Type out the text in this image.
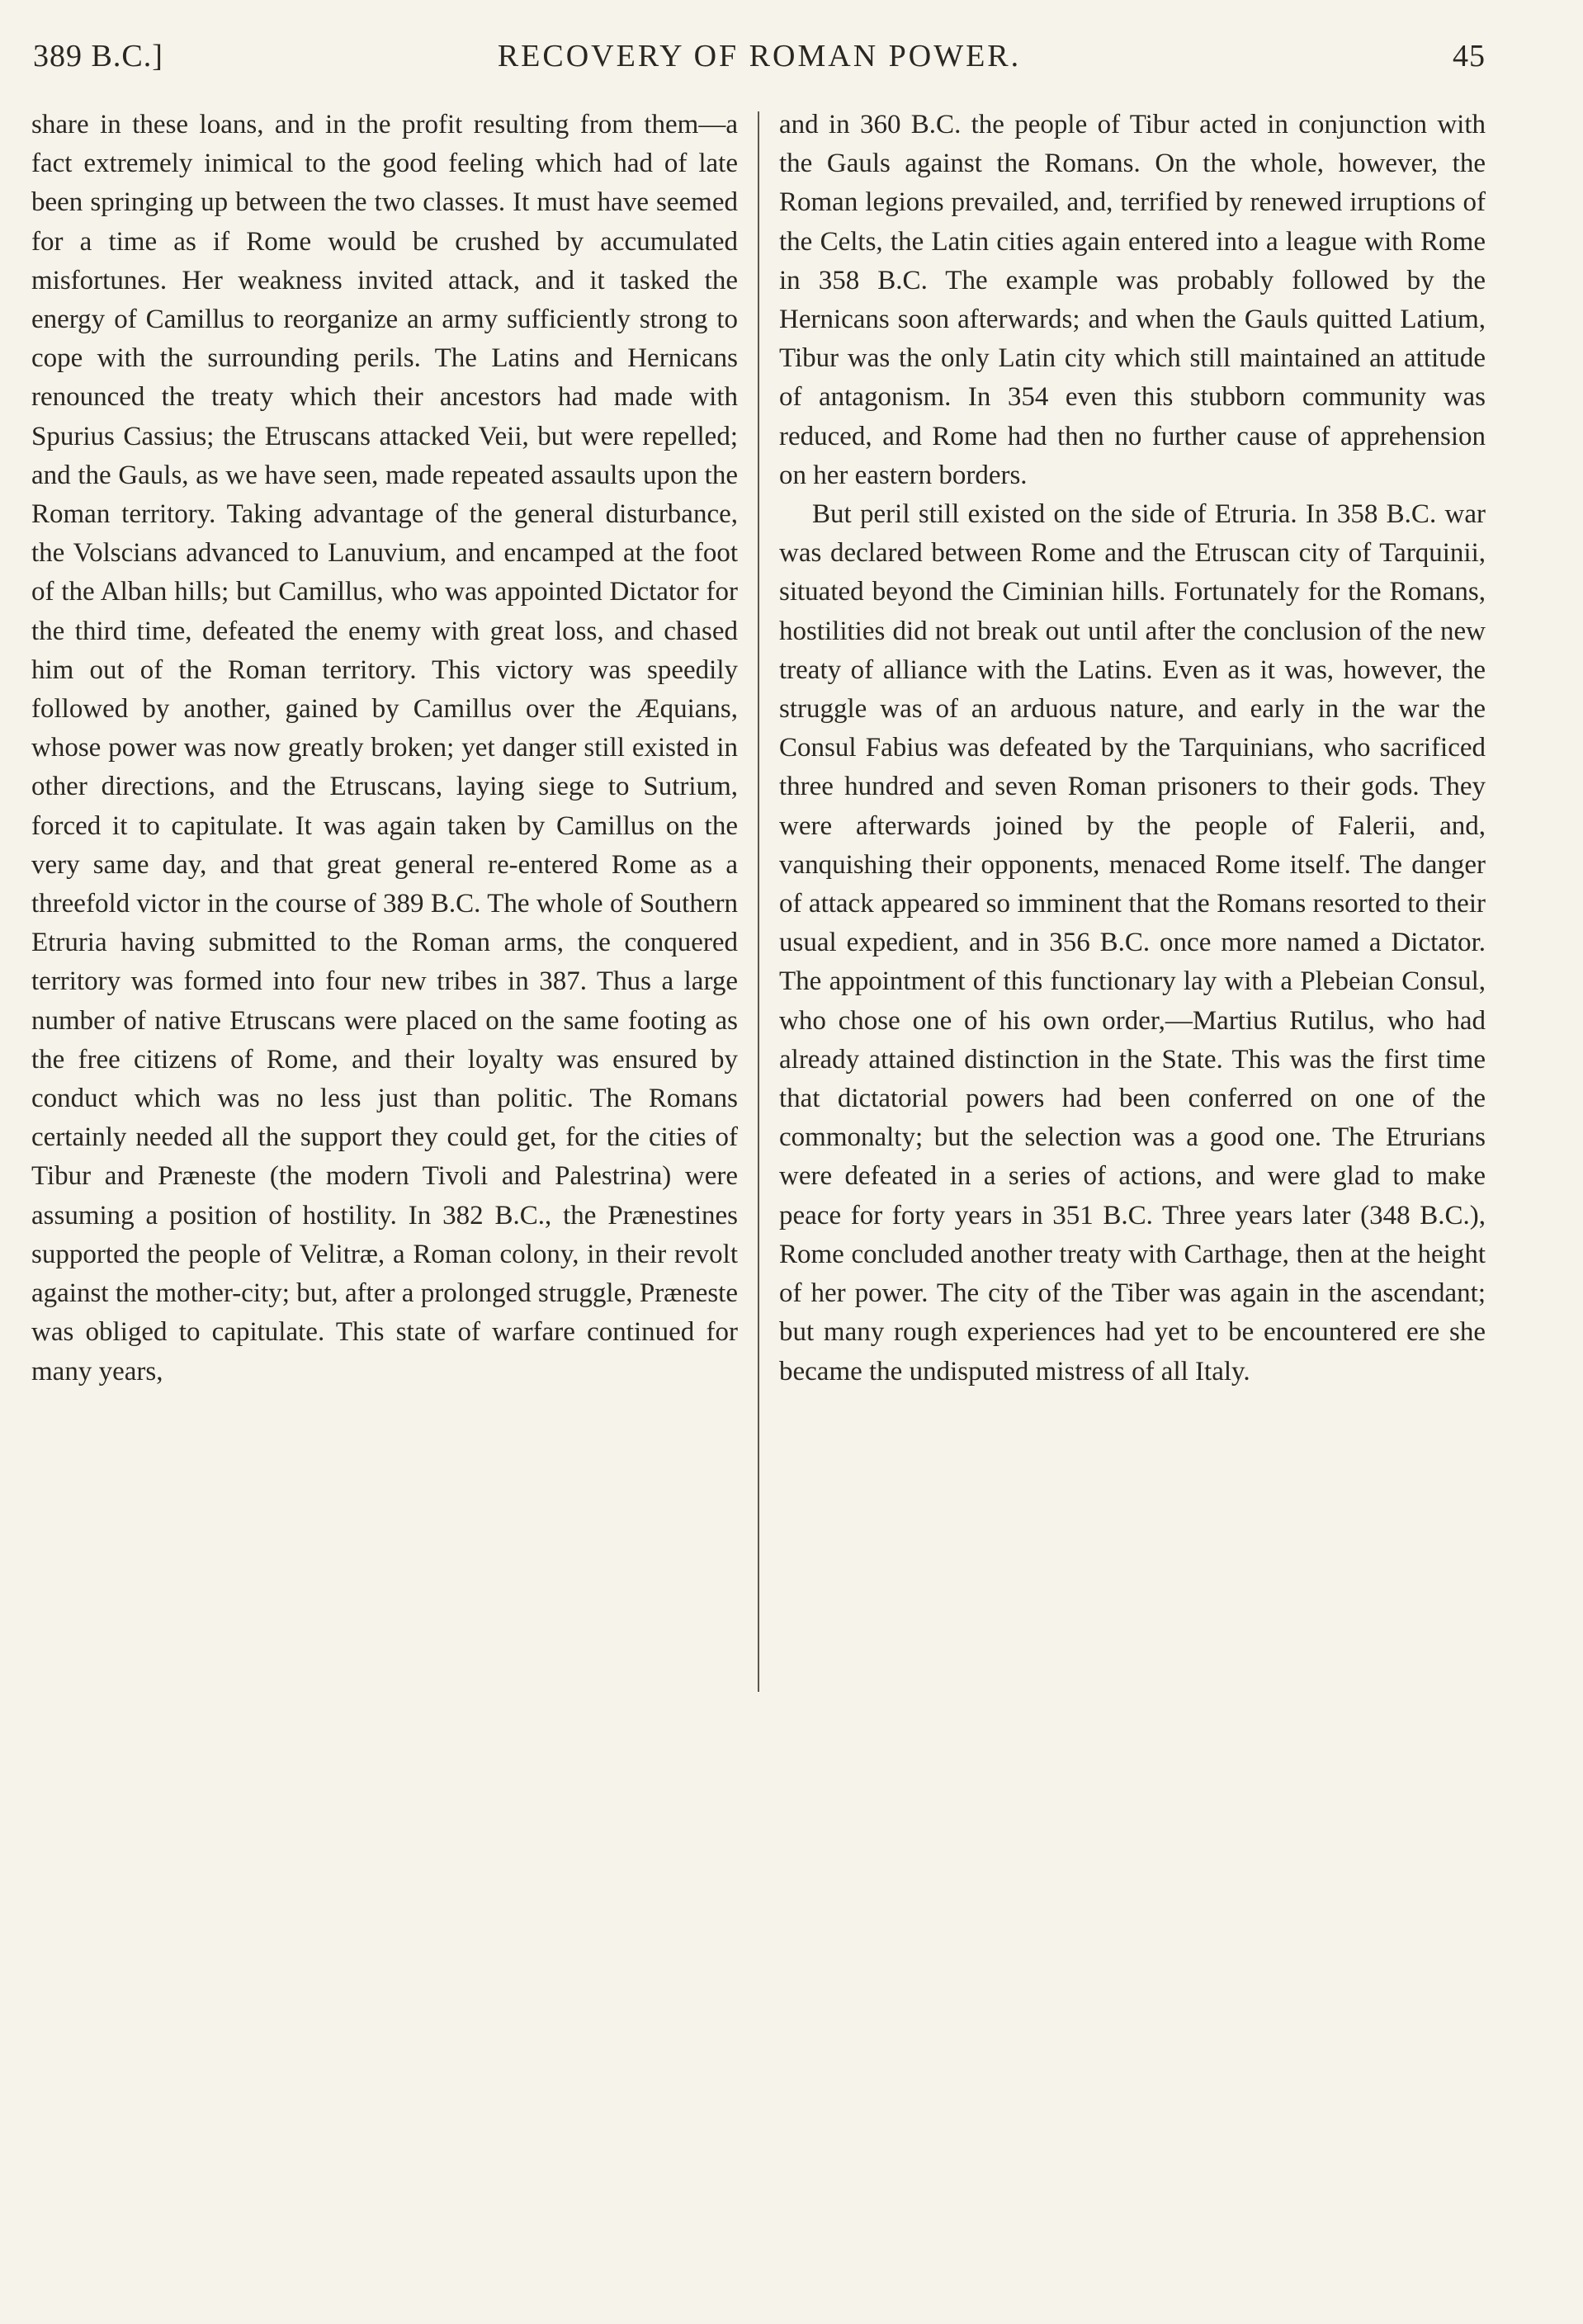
389 B.C.]	RECOVERY OF ROMAN POWER.	45

share in these loans, and in the profit resulting from them—a fact extremely inimical to the good feeling which had of late been springing up between the two classes. It must have seemed for a time as if Rome would be crushed by accumulated misfortunes. Her weakness invited attack, and it tasked the energy of Camillus to reorganize an army sufficiently strong to cope with the surrounding perils. The Latins and Hernicans renounced the treaty which their ancestors had made with Spurius Cassius; the Etruscans attacked Veii, but were repelled; and the Gauls, as we have seen, made repeated assaults upon the Roman territory. Taking advantage of the general disturbance, the Volscians advanced to Lanuvium, and encamped at the foot of the Alban hills; but Camillus, who was appointed Dictator for the third time, defeated the enemy with great loss, and chased him out of the Roman territory. This victory was speedily followed by another, gained by Camillus over the Æquians, whose power was now greatly broken; yet danger still existed in other directions, and the Etruscans, laying siege to Sutrium, forced it to capitulate. It was again taken by Camillus on the very same day, and that great general re-entered Rome as a threefold victor in the course of 389 B.C. The whole of Southern Etruria having submitted to the Roman arms, the conquered territory was formed into four new tribes in 387. Thus a large number of native Etruscans were placed on the same footing as the free citizens of Rome, and their loyalty was ensured by conduct which was no less just than politic. The Romans certainly needed all the support they could get, for the cities of Tibur and Præneste (the modern Tivoli and Palestrina) were assuming a position of hostility. In 382 B.C., the Prænestines supported the people of Velitræ, a Roman colony, in their revolt against the mother-city; but, after a prolonged struggle, Præneste was obliged to capitulate. This state of warfare continued for many years,

and in 360 B.C. the people of Tibur acted in conjunction with the Gauls against the Romans. On the whole, however, the Roman legions prevailed, and, terrified by renewed irruptions of the Celts, the Latin cities again entered into a league with Rome in 358 B.C. The example was probably followed by the Hernicans soon afterwards; and when the Gauls quitted Latium, Tibur was the only Latin city which still maintained an attitude of antagonism. In 354 even this stubborn community was reduced, and Rome had then no further cause of apprehension on her eastern borders.

But peril still existed on the side of Etruria. In 358 B.C. war was declared between Rome and the Etruscan city of Tarquinii, situated beyond the Ciminian hills. Fortunately for the Romans, hostilities did not break out until after the conclusion of the new treaty of alliance with the Latins. Even as it was, however, the struggle was of an arduous nature, and early in the war the Consul Fabius was defeated by the Tarquinians, who sacrificed three hundred and seven Roman prisoners to their gods. They were afterwards joined by the people of Falerii, and, vanquishing their opponents, menaced Rome itself. The danger of attack appeared so imminent that the Romans resorted to their usual expedient, and in 356 B.C. once more named a Dictator. The appointment of this functionary lay with a Plebeian Consul, who chose one of his own order,—Martius Rutilus, who had already attained distinction in the State. This was the first time that dictatorial powers had been conferred on one of the commonalty; but the selection was a good one. The Etrurians were defeated in a series of actions, and were glad to make peace for forty years in 351 B.C. Three years later (348 B.C.), Rome concluded another treaty with Carthage, then at the height of her power. The city of the Tiber was again in the ascendant; but many rough experiences had yet to be encountered ere she became the undisputed mistress of all Italy.
